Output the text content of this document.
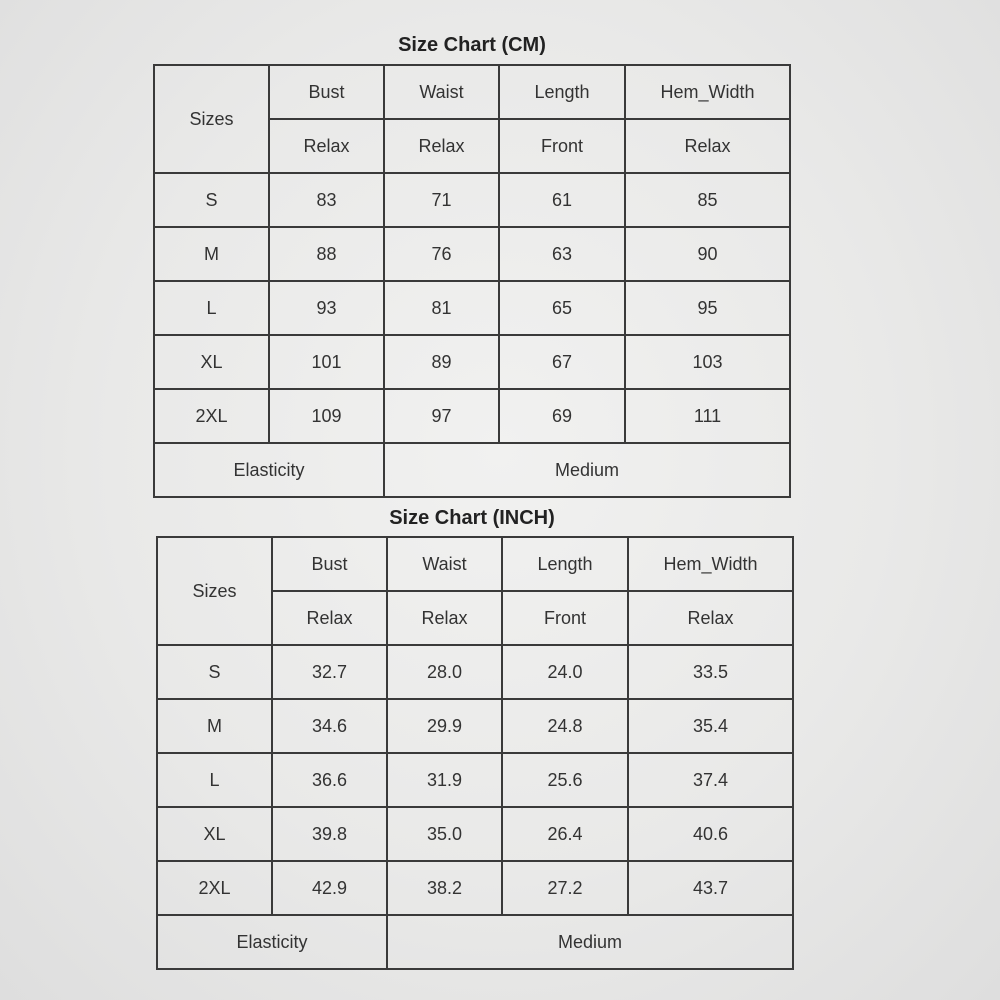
Size Chart (CM)
Sizes	Bust	Waist	Length	Hem_Width
	Relax	Relax	Front	Relax
S	83	71	61	85
M	88	76	63	90
L	93	81	65	95
XL	101	89	67	103
2XL	109	97	69	111
Elasticity		Medium		
Size Chart (INCH)
Sizes	Bust	Waist	Length	Hem_Width
	Relax	Relax	Front	Relax
S	32.7	28.0	24.0	33.5
M	34.6	29.9	24.8	35.4
L	36.6	31.9	25.6	37.4
XL	39.8	35.0	26.4	40.6
2XL	42.9	38.2	27.2	43.7
Elasticity		Medium		
